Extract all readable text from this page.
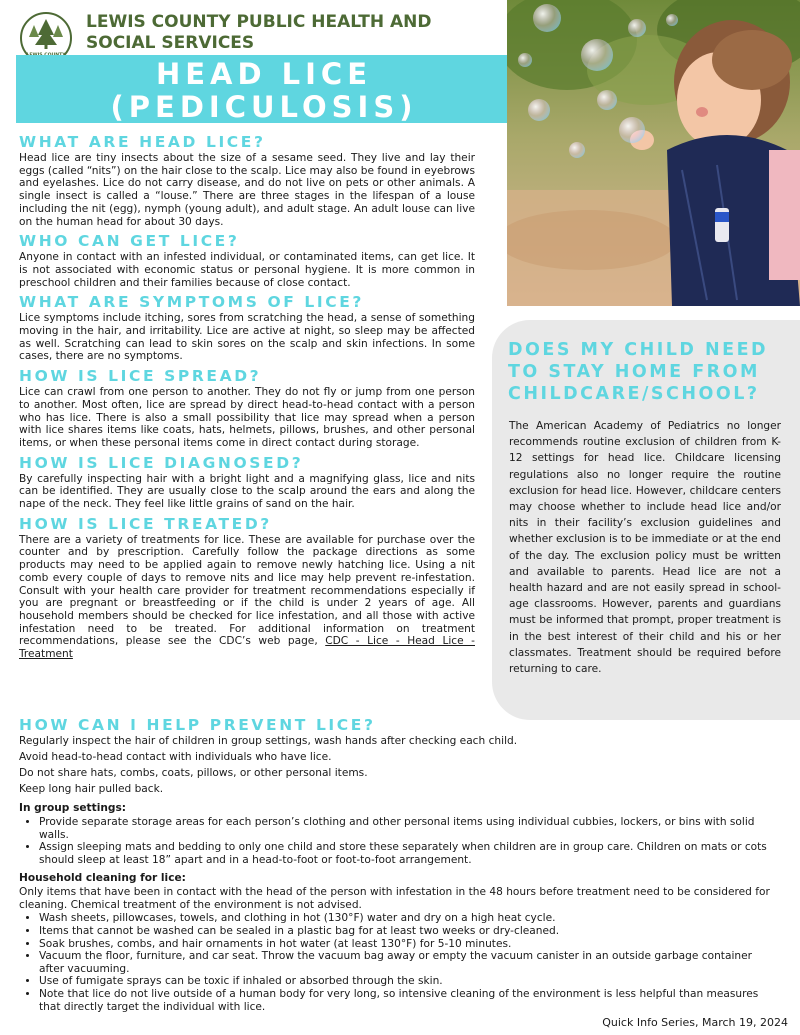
LEWIS COUNTY PUBLIC HEALTH AND SOCIAL SERVICES
HEAD LICE
(PEDICULOSIS)
WHAT ARE HEAD LICE?

Head lice are tiny insects about the size of a sesame seed. They live and lay their eggs (called “nits”) on the hair close to the scalp. Lice may also be found in eyebrows and eyelashes. Lice do not carry disease, and do not live on pets or other animals. A single insect is called a “louse.” There are three stages in the lifespan of a louse including the nit (egg), nymph (young adult), and adult stage. An adult louse can live on the human head for about 30 days.

WHO CAN GET LICE?

Anyone in contact with an infested individual, or contaminated items, can get lice. It is not associated with economic status or personal hygiene. It is more common in preschool children and their families because of close contact.

WHAT ARE SYMPTOMS OF LICE?

Lice symptoms include itching, sores from scratching the head, a sense of something moving in the hair, and irritability. Lice are active at night, so sleep may be affected as well. Scratching can lead to skin sores on the scalp and skin infections. In some cases, there are no symptoms.

HOW IS LICE SPREAD?

Lice can crawl from one person to another. They do not fly or jump from one person to another. Most often, lice are spread by direct head-to-head contact with a person who has lice. There is also a small possibility that lice may spread when a person with lice shares items like coats, hats, helmets, pillows, brushes, and other personal items, or when these personal items come in direct contact during storage.

HOW IS LICE DIAGNOSED?

By carefully inspecting hair with a bright light and a magnifying glass, lice and nits can be identified. They are usually close to the scalp around the ears and along the nape of the neck. They feel like little grains of sand on the hair.

HOW IS LICE TREATED?

There are a variety of treatments for lice. These are available for purchase over the counter and by prescription. Carefully follow the package directions as some products may need to be applied again to remove newly hatching lice. Using a nit comb every couple of days to remove nits and lice may help prevent re-infestation. Consult with your health care provider for treatment recommendations especially if you are pregnant or breastfeeding or if the child is under 2 years of age. All household members should be checked for lice infestation, and all those with active infestation need to be treated. For additional information on treatment recommendations, please see the CDC’s web page, CDC - Lice - Head Lice - Treatment

DOES MY CHILD NEED TO STAY HOME FROM CHILDCARE/SCHOOL?

The American Academy of Pediatrics no longer recommends routine exclusion of children from K-12 settings for head lice. Childcare licensing regulations also no longer require the routine exclusion for head lice. However, childcare centers may choose whether to include head lice and/or nits in their facility’s exclusion guidelines and whether exclusion is to be immediate or at the end of the day. The exclusion policy must be written and available to parents. Head lice are not a health hazard and are not easily spread in school-age classrooms. However, parents and guardians must be informed that prompt, proper treatment is in the best interest of their child and his or her classmates. Treatment should be required before returning to care.

HOW CAN I HELP PREVENT LICE?

Regularly inspect the hair of children in group settings, wash hands after checking each child.

Avoid head-to-head contact with individuals who have lice.

Do not share hats, combs, coats, pillows, or other personal items.

Keep long hair pulled back.

In group settings:

• Provide separate storage areas for each person’s clothing and other personal items using individual cubbies, lockers, or bins with solid walls.
• Assign sleeping mats and bedding to only one child and store these separately when children are in group care. Children on mats or cots should sleep at least 18” apart and in a head-to-foot or foot-to-foot arrangement.

Household cleaning for lice:

Only items that have been in contact with the head of the person with infestation in the 48 hours before treatment need to be considered for cleaning. Chemical treatment of the environment is not advised.

• Wash sheets, pillowcases, towels, and clothing in hot (130°F) water and dry on a high heat cycle.
• Items that cannot be washed can be sealed in a plastic bag for at least two weeks or dry-cleaned.
• Soak brushes, combs, and hair ornaments in hot water (at least 130°F) for 5-10 minutes.
• Vacuum the floor, furniture, and car seat. Throw the vacuum bag away or empty the vacuum canister in an outside garbage container after vacuuming.
• Use of fumigate sprays can be toxic if inhaled or absorbed through the skin.
• Note that lice do not live outside of a human body for very long, so intensive cleaning of the environment is less helpful than measures that directly target the individual with lice.
Quick Info Series, March 19, 2024
